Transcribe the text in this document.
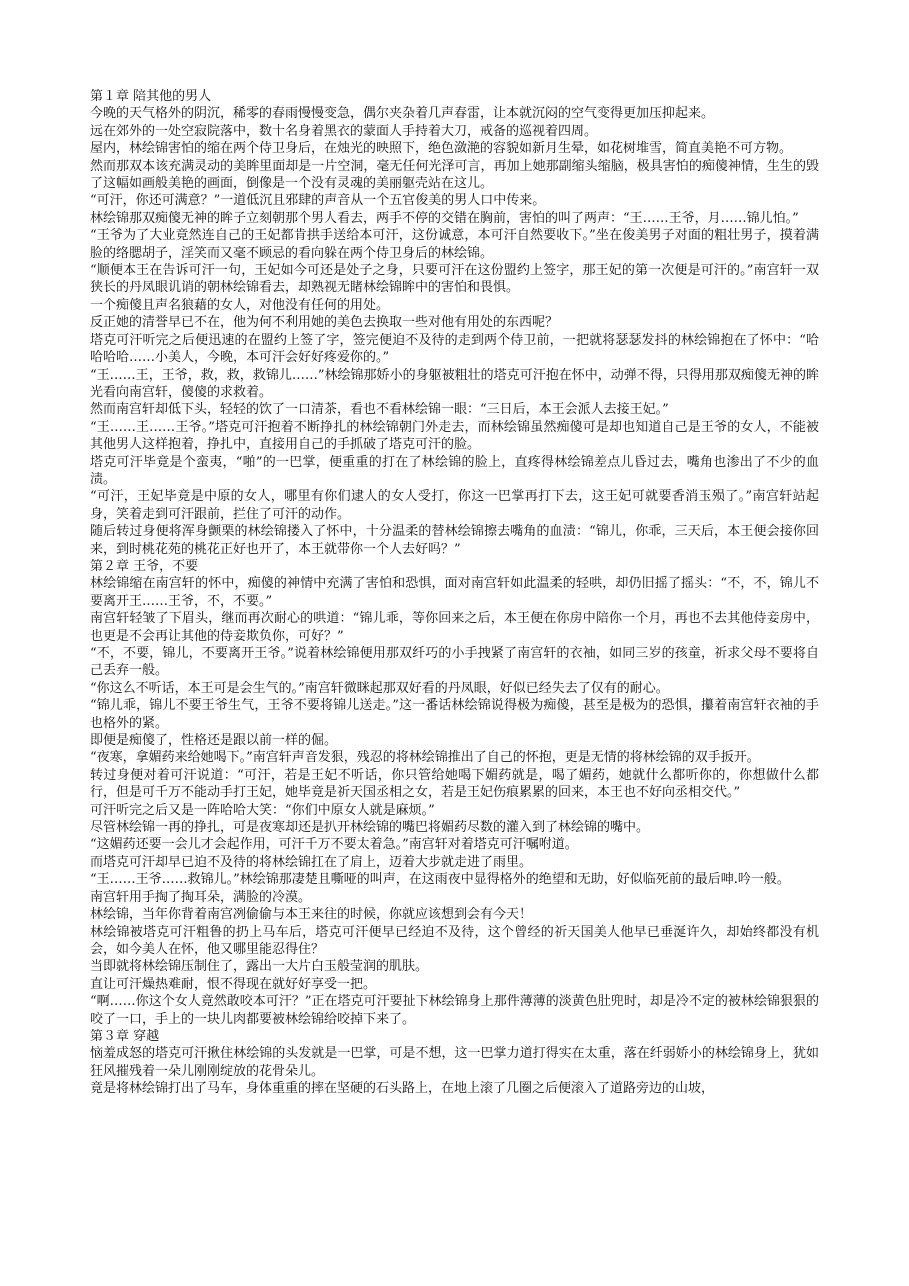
第１章 陪其他的男人

今晚的天气格外的阴沉，稀零的春雨慢慢变急，偶尔夹杂着几声春雷，让本就沉闷的空气变得更加压抑起来。

远在郊外的一处空寂院落中，数十名身着黑衣的蒙面人手持着大刀，戒备的巡视着四周。

屋内，林绘锦害怕的缩在两个侍卫身后，在烛光的映照下，绝色潋滟的容貌如新月生晕，如花树堆雪，简直美艳不可方物。

然而那双本该充满灵动的美眸里面却是一片空洞，毫无任何光泽可言，再加上她那副缩头缩脑，极具害怕的痴傻神情，生生的毁了这幅如画般美艳的画面，倒像是一个没有灵魂的美丽躯壳站在这儿。

“可汗，你还可满意？”一道低沉且邪肆的声音从一个五官俊美的男人口中传来。

林绘锦那双痴傻无神的眸子立刻朝那个男人看去，两手不停的交错在胸前，害怕的叫了两声：“王……王爷，月……锦儿怕。”

“王爷为了大业竟然连自己的王妃都肯拱手送给本可汗，这份诚意，本可汗自然要收下。”坐在俊美男子对面的粗壮男子，摸着满脸的络腮胡子，淫笑而又毫不顾忌的看向躲在两个侍卫身后的林绘锦。

“顺便本王在告诉可汗一句，王妃如今可还是处子之身，只要可汗在这份盟约上签字，那王妃的第一次便是可汗的。”南宫轩一双狭长的丹凤眼讥诮的朝林绘锦看去，却熟视无睹林绘锦眸中的害怕和畏惧。

一个痴傻且声名狼藉的女人，对他没有任何的用处。

反正她的清誉早已不在，他为何不利用她的美色去换取一些对他有用处的东西呢？

塔克可汗听完之后便迅速的在盟约上签了字，签完便迫不及待的走到两个侍卫前，一把就将瑟瑟发抖的林绘锦抱在了怀中：“哈哈哈哈……小美人，今晚，本可汗会好好疼爱你的。”

“王……王，王爷，救，救，救锦儿……”林绘锦那娇小的身躯被粗壮的塔克可汗抱在怀中，动弹不得，只得用那双痴傻无神的眸光看向南宫轩，傻傻的求救着。

然而南宫轩却低下头，轻轻的饮了一口清茶，看也不看林绘锦一眼：“三日后，本王会派人去接王妃。”

“王……王……王爷。”塔克可汗抱着不断挣扎的林绘锦朝门外走去，而林绘锦虽然痴傻可是却也知道自己是王爷的女人，不能被其他男人这样抱着，挣扎中，直接用自己的手抓破了塔克可汗的脸。

塔克可汗毕竟是个蛮夷，“啪”的一巴掌，便重重的打在了林绘锦的脸上，直疼得林绘锦差点儿昏过去，嘴角也渗出了不少的血渍。

“可汗，王妃毕竟是中原的女人，哪里有你们逮人的女人受打，你这一巴掌再打下去，这王妃可就要香消玉殒了。”南宫轩站起身，笑着走到可汗跟前，拦住了可汗的动作。

随后转过身便将浑身颤栗的林绘锦搂入了怀中，十分温柔的替林绘锦擦去嘴角的血渍：“锦儿，你乖，三天后，本王便会接你回来，到时桃花苑的桃花正好也开了，本王就带你一个人去好吗？”

第２章 王爷，不要

林绘锦缩在南宫轩的怀中，痴傻的神情中充满了害怕和恐惧，面对南宫轩如此温柔的轻哄，却仍旧摇了摇头：“不，不，锦儿不要离开王……王爷，不，不要。”

南宫轩轻皱了下眉头，继而再次耐心的哄道：“锦儿乖，等你回来之后，本王便在你房中陪你一个月，再也不去其他侍妾房中，也更是不会再让其他的侍妾欺负你，可好？”

“不，不要，锦儿，不要离开王爷。”说着林绘锦便用那双纤巧的小手拽紧了南宫轩的衣袖，如同三岁的孩童，祈求父母不要将自己丢弃一般。

“你这么不听话，本王可是会生气的。”南宫轩微眯起那双好看的丹凤眼，好似已经失去了仅有的耐心。

“锦儿乖，锦儿不要王爷生气，王爷不要将锦儿送走。”这一番话林绘锦说得极为痴傻，甚至是极为的恐惧，攥着南宫轩衣袖的手也格外的紧。

即便是痴傻了，性格还是跟以前一样的倔。

“夜寒，拿媚药来给她喝下。”南宫轩声音发狠，残忍的将林绘锦推出了自己的怀抱，更是无情的将林绘锦的双手扳开。

转过身便对着可汗说道：“可汗，若是王妃不听话，你只管给她喝下媚药就是，喝了媚药，她就什么都听你的，你想做什么都行，但是可千万不能动手打王妃，她毕竟是祈天国丞相之女，若是王妃伤痕累累的回来，本王也不好向丞相交代。”

可汗听完之后又是一阵哈哈大笑：“你们中原女人就是麻烦。”

尽管林绘锦一再的挣扎，可是夜寒却还是扒开林绘锦的嘴巴将媚药尽数的灌入到了林绘锦的嘴中。

“这媚药还要一会儿才会起作用，可汗千万不要太着急。”南宫轩对着塔克可汗嘱咐道。

而塔克可汗却早已迫不及待的将林绘锦扛在了肩上，迈着大步就走进了雨里。

“王……王爷……救锦儿。”林绘锦那凄楚且嘶哑的叫声，在这雨夜中显得格外的绝望和无助，好似临死前的最后呻.吟一般。

南宫轩用手掏了掏耳朵，满脸的冷漠。

林绘锦，当年你背着南宫冽偷偷与本王来往的时候，你就应该想到会有今天！

林绘锦被塔克可汗粗鲁的扔上马车后，塔克可汗便早已经迫不及待，这个曾经的祈天国美人他早已垂涎许久，却始终都没有机会，如今美人在怀，他又哪里能忍得住？

当即就将林绘锦压制住了，露出一大片白玉般莹润的肌肤。

直让可汗燥热难耐，恨不得现在就好好享受一把。

“啊……你这个女人竟然敢咬本可汗？”正在塔克可汗要扯下林绘锦身上那件薄薄的淡黄色肚兜时，却是冷不定的被林绘锦狠狠的咬了一口，手上的一块儿肉都要被林绘锦给咬掉下来了。

第３章 穿越

恼羞成怒的塔克可汗揪住林绘锦的头发就是一巴掌，可是不想，这一巴掌力道打得实在太重，落在纤弱娇小的林绘锦身上，犹如狂风摧残着一朵儿刚刚绽放的花骨朵儿。

竟是将林绘锦打出了马车，身体重重的摔在坚硬的石头路上，在地上滚了几圈之后便滚入了道路旁边的山坡，
